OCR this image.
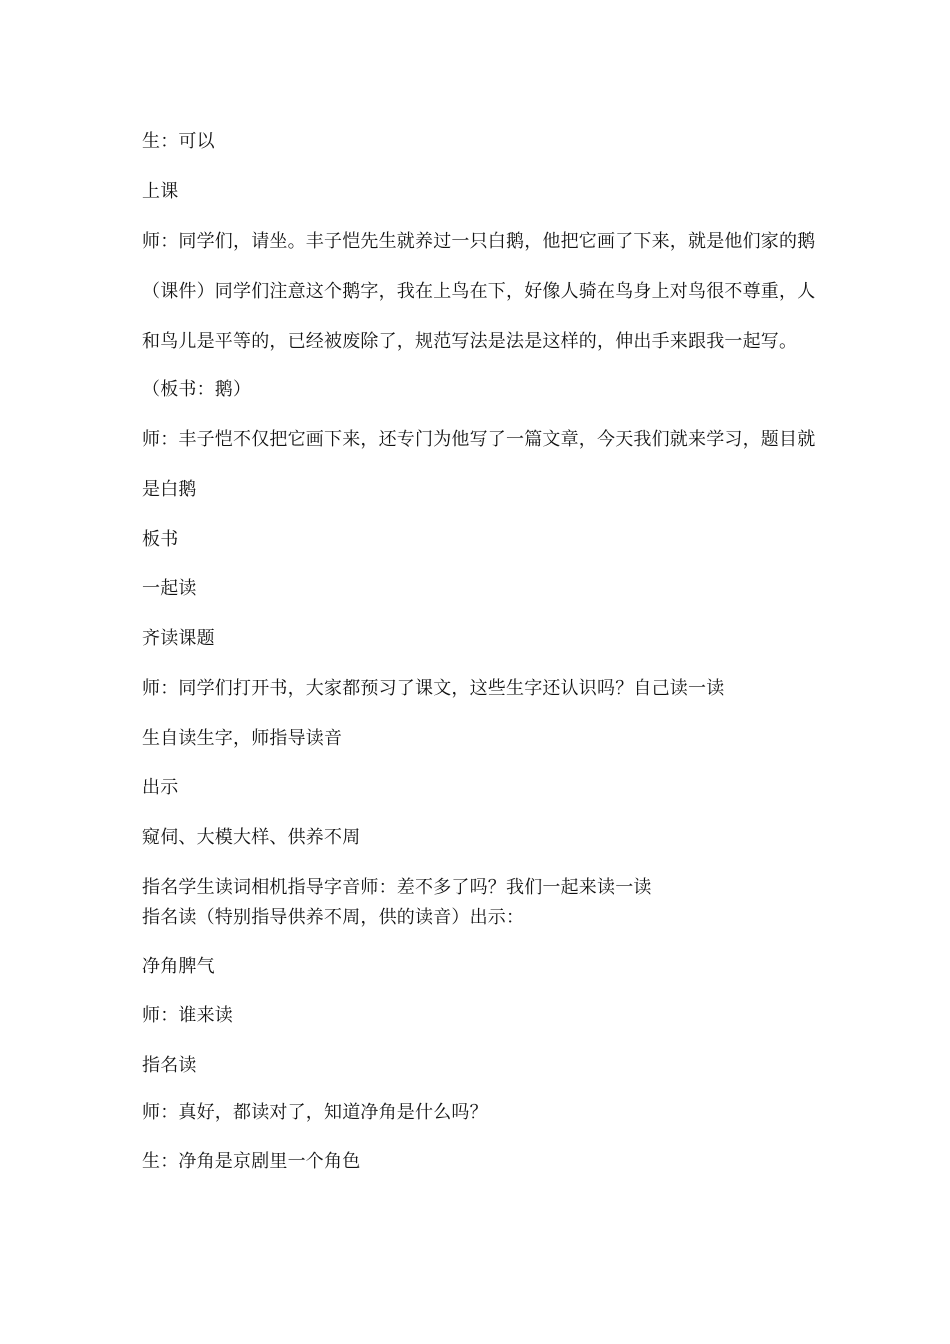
生：可以
上课
师：同学们，请坐。丰子恺先生就养过一只白鹅，他把它画了下来，就是他们家的鹅
（课件）同学们注意这个鹅字，我在上鸟在下，好像人骑在鸟身上对鸟很不尊重，人
和鸟儿是平等的，已经被废除了，规范写法是法是这样的，伸出手来跟我一起写。
（板书：鹅）
师：丰子恺不仅把它画下来，还专门为他写了一篇文章，今天我们就来学习，题目就
是白鹅
板书
一起读
齐读课题
师：同学们打开书，大家都预习了课文，这些生字还认识吗？自己读一读
生自读生字，师指导读音
出示
窥伺、大模大样、供养不周
指名学生读词相机指导字音师：差不多了吗？我们一起来读一读
指名读（特别指导供养不周，供的读音）出示：
净角脾气
师：谁来读
指名读
师：真好，都读对了，知道净角是什么吗？
生：净角是京剧里一个角色
